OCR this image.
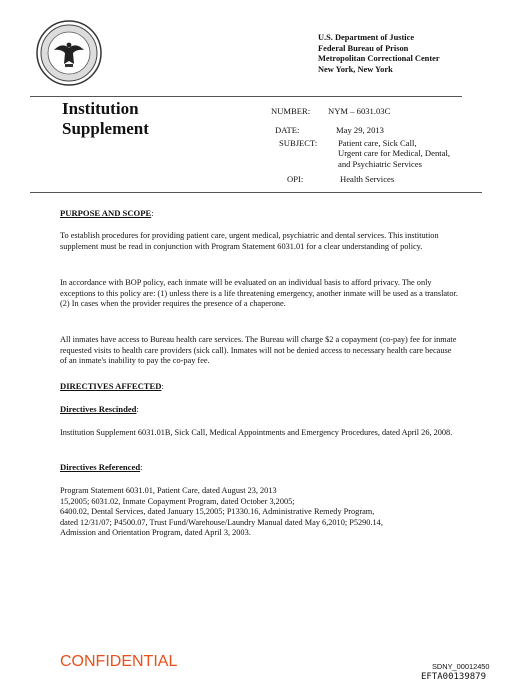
U.S. Department of Justice
Federal Bureau of Prison
Metropolitan Correctional Center
New York, New York
Institution
Supplement
NUMBER: NYM – 6031.03C
DATE:	May 29, 2013
SUBJECT: Patient care, Sick Call,
Urgent care for Medical, Dental,
and Psychiatric Services
OPI:	Health Services
PURPOSE AND SCOPE:

To establish procedures for providing patient care, urgent medical, psychiatric and dental services. This institution supplement must be read in conjunction with Program Statement 6031.01 for a clear understanding of policy.

In accordance with BOP policy, each inmate will be evaluated on an individual basis to afford privacy. The only exceptions to this policy are: (1) unless there is a life threatening emergency, another inmate will be used as a translator. (2) In cases when the provider requires the presence of a chaperone.

All inmates have access to Bureau health care services. The Bureau will charge $2 a copayment (co-pay) fee for inmate requested visits to health care providers (sick call). Inmates will not be denied access to necessary health care because of an inmate's inability to pay the co-pay fee.

DIRECTIVES AFFECTED:
Directives Rescinded:

Institution Supplement 6031.01B, Sick Call, Medical Appointments and Emergency Procedures, dated April 26, 2008.

Directives Referenced:
Program Statement 6031.01, Patient Care, dated August 23, 2013
15,2005; 6031.02, Inmate Copayment Program, dated October 3,2005;
6400.02, Dental Services, dated January 15,2005; P1330.16, Administrative Remedy Program,
dated 12/31/07; P4500.07, Trust Fund/Warehouse/Laundry Manual dated May 6,2010; P5290.14,
Admission and Orientation Program, dated April 3, 2003.
CONFIDENTIAL	SDNY_00012450
EFTA00139879
